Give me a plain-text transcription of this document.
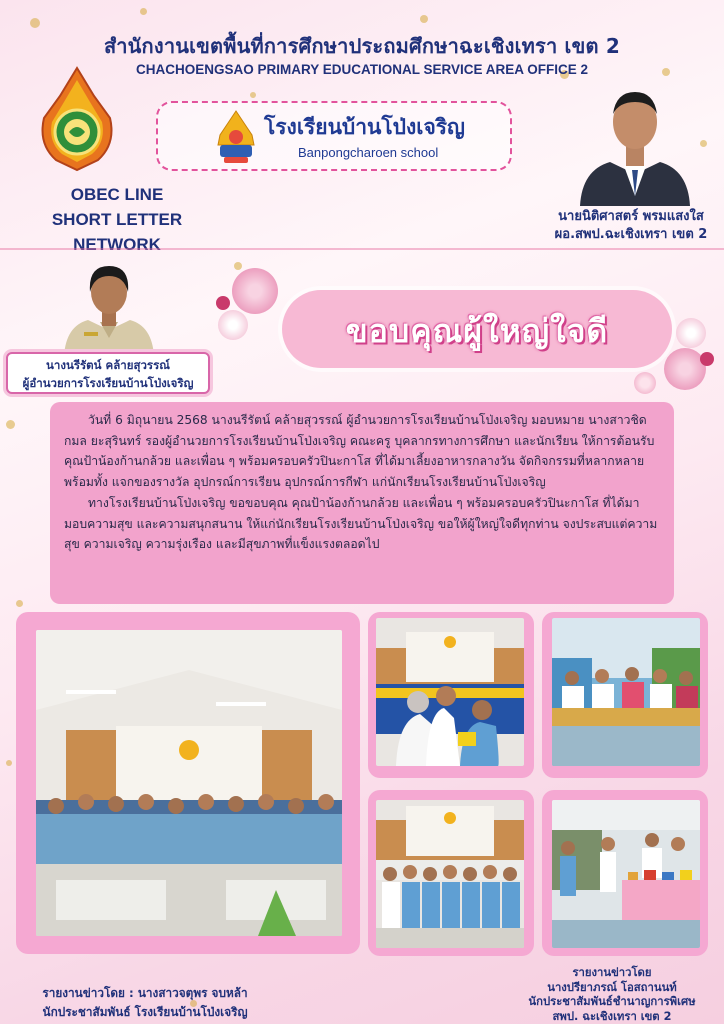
สำนักงานเขตพื้นที่การศึกษาประถมศึกษาฉะเชิงเทรา เขต 2
CHACHOENGSAO PRIMARY EDUCATIONAL SERVICE AREA OFFICE 2
OBEC LINE
SHORT LETTER NETWORK
โรงเรียนบ้านโป่งเจริญ
Banpongcharoen school
นายนิติศาสตร์ พรมแสงใส
ผอ.สพป.ฉะเชิงเทรา เขต 2
นางนรีรัตน์ คล้ายสุวรรณ์
ผู้อำนวยการโรงเรียนบ้านโป่งเจริญ
ขอบคุณผู้ใหญ่ใจดี

วันที่ 6 มิถุนายน 2568 นางนรีรัตน์ คล้ายสุวรรณ์ ผู้อำนวยการโรงเรียนบ้านโป่งเจริญ มอบหมาย นางสาวชิดกมล ยะสุรินทร์ รองผู้อำนวยการโรงเรียนบ้านโป่งเจริญ คณะครู บุคลากรทางการศึกษา และนักเรียน ให้การต้อนรับ คุณป้าน้องก้านกล้วย และเพื่อน ๆ พร้อมครอบครัวปินะกาโส ที่ได้มาเลี้ยงอาหารกลางวัน จัดกิจกรรมที่หลากหลาย พร้อมทั้ง แจกของรางวัล อุปกรณ์การเรียน อุปกรณ์การกีฬา แก่นักเรียนโรงเรียนบ้านโป่งเจริญ

ทางโรงเรียนบ้านโป่งเจริญ ขอขอบคุณ คุณป้าน้องก้านกล้วย และเพื่อน ๆ พร้อมครอบครัวปินะกาโส ที่ได้มามอบความสุข และความสนุกสนาน ให้แก่นักเรียนโรงเรียนบ้านโป่งเจริญ ขอให้ผู้ใหญ่ใจดีทุกท่าน จงประสบแต่ความสุข ความเจริญ ความรุ่งเรือง และมีสุขภาพที่แข็งแรงตลอดไป

รายงานข่าวโดย : นางสาวจตุพร จบหล้า
นักประชาสัมพันธ์ โรงเรียนบ้านโป่งเจริญ
รายงานข่าวโดย
นางปรียาภรณ์ โอสถานนท์
นักประชาสัมพันธ์ชำนาญการพิเศษ
สพป. ฉะเชิงเทรา เขต 2
